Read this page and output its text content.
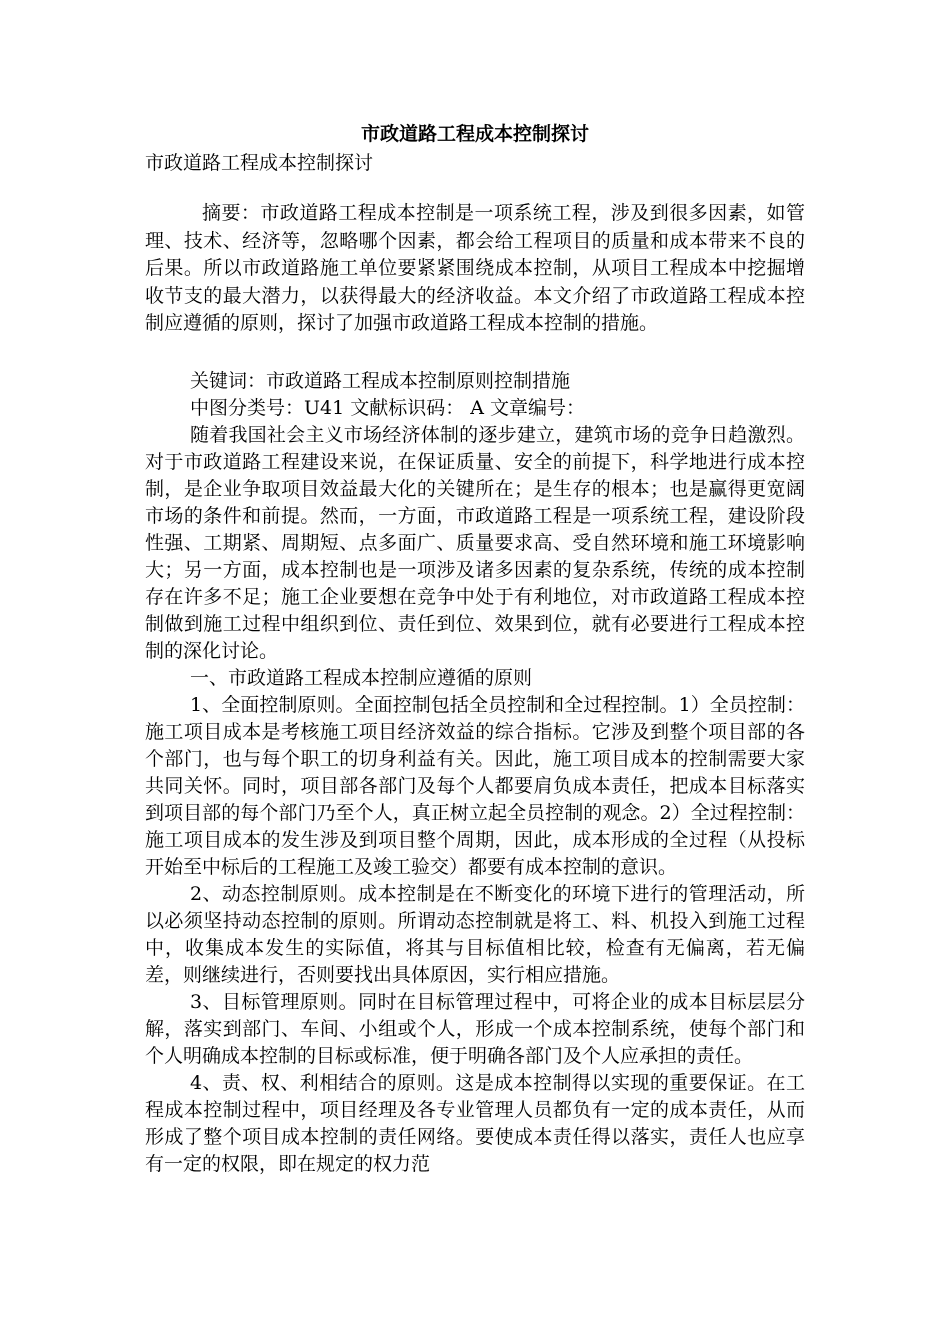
市政道路工程成本控制探讨

市政道路工程成本控制探讨

摘要：市政道路工程成本控制是一项系统工程，涉及到很多因素，如管理、技术、经济等，忽略哪个因素，都会给工程项目的质量和成本带来不良的后果。所以市政道路施工单位要紧紧围绕成本控制，从项目工程成本中挖掘增收节支的最大潜力，以获得最大的经济收益。本文介绍了市政道路工程成本控制应遵循的原则，探讨了加强市政道路工程成本控制的措施。

关键词：市政道路工程成本控制原则控制措施

中图分类号：U41 文献标识码： A 文章编号：

随着我国社会主义市场经济体制的逐步建立，建筑市场的竞争日趋激烈。对于市政道路工程建设来说，在保证质量、安全的前提下，科学地进行成本控制，是企业争取项目效益最大化的关键所在；是生存的根本；也是赢得更宽阔市场的条件和前提。然而，一方面，市政道路工程是一项系统工程，建设阶段性强、工期紧、周期短、点多面广、质量要求高、受自然环境和施工环境影响大；另一方面，成本控制也是一项涉及诸多因素的复杂系统，传统的成本控制存在许多不足；施工企业要想在竞争中处于有利地位，对市政道路工程成本控制做到施工过程中组织到位、责任到位、效果到位，就有必要进行工程成本控制的深化讨论。

一、市政道路工程成本控制应遵循的原则

1、全面控制原则。全面控制包括全员控制和全过程控制。1）全员控制：施工项目成本是考核施工项目经济效益的综合指标。它涉及到整个项目部的各个部门，也与每个职工的切身利益有关。因此，施工项目成本的控制需要大家共同关怀。同时，项目部各部门及每个人都要肩负成本责任，把成本目标落实到项目部的每个部门乃至个人，真正树立起全员控制的观念。2）全过程控制：施工项目成本的发生涉及到项目整个周期，因此，成本形成的全过程（从投标开始至中标后的工程施工及竣工验交）都要有成本控制的意识。

2、动态控制原则。成本控制是在不断变化的环境下进行的管理活动，所以必须坚持动态控制的原则。所谓动态控制就是将工、料、机投入到施工过程中，收集成本发生的实际值，将其与目标值相比较，检查有无偏离，若无偏差，则继续进行，否则要找出具体原因，实行相应措施。

3、目标管理原则。同时在目标管理过程中，可将企业的成本目标层层分解，落实到部门、车间、小组或个人，形成一个成本控制系统，使每个部门和个人明确成本控制的目标或标准，便于明确各部门及个人应承担的责任。

4、责、权、利相结合的原则。这是成本控制得以实现的重要保证。在工程成本控制过程中，项目经理及各专业管理人员都负有一定的成本责任，从而形成了整个项目成本控制的责任网络。要使成本责任得以落实，责任人也应享有一定的权限，即在规定的权力范
